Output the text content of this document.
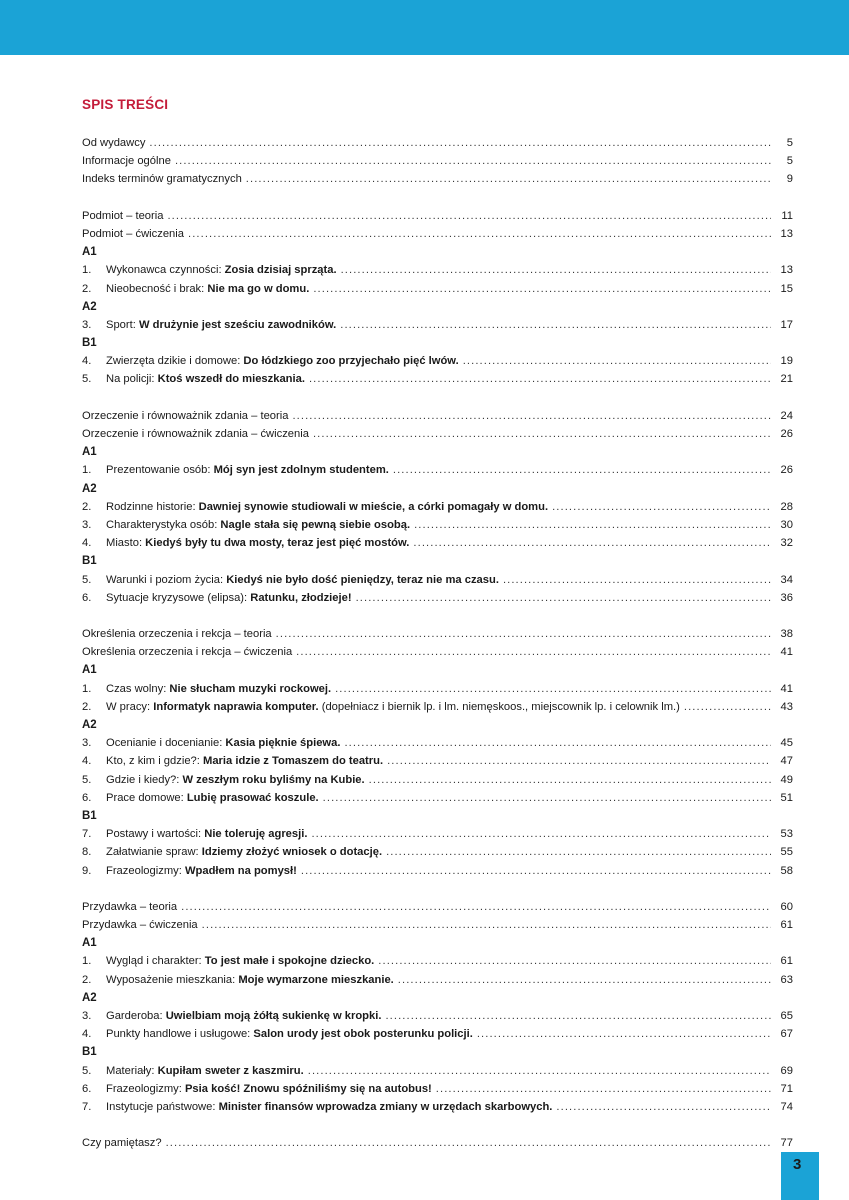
SPIS TREŚCI
Od wydawcy .....	5
Informacje ogólne .....	5
Indeks terminów gramatycznych .....	9
Podmiot – teoria .....	11
Podmiot – ćwiczenia .....	13
A1
1.	Wykonawca czynności: Zosia dzisiaj sprząta. .....	13
2.	Nieobecność i brak: Nie ma go w domu. .....	15
A2
3.	Sport: W drużynie jest sześciu zawodników. .....	17
B1
4.	Zwierzęta dzikie i domowe: Do łódzkiego zoo przyjechało pięć lwów. .....	19
5.	Na policji: Ktoś wszedł do mieszkania. .....	21
Orzeczenie i równoważnik zdania – teoria .....	24
Orzeczenie i równoważnik zdania – ćwiczenia .....	26
A1
1.	Prezentowanie osób: Mój syn jest zdolnym studentem. .....	26
A2
2.	Rodzinne historie: Dawniej synowie studiowali w mieście, a córki pomagały w domu. .....	28
3.	Charakterystyka osób: Nagle stała się pewną siebie osobą. .....	30
4.	Miasto: Kiedyś były tu dwa mosty, teraz jest pięć mostów. .....	32
B1
5.	Warunki i poziom życia: Kiedyś nie było dość pieniędzy, teraz nie ma czasu. .....	34
6.	Sytuacje kryzysowe (elipsa): Ratunku, złodzieje! .....	36
Określenia orzeczenia i rekcja – teoria .....	38
Określenia orzeczenia i rekcja – ćwiczenia .....	41
A1
1.	Czas wolny: Nie słucham muzyki rockowej. .....	41
2.	W pracy: Informatyk naprawia komputer. (dopełniacz i biernik lp. i lm. niemęskoos., miejscownik lp. i celownik lm.) .....	43
A2
3.	Ocenianie i docenianie: Kasia pięknie śpiewa. .....	45
4.	Kto, z kim i gdzie?: Maria idzie z Tomaszem do teatru. .....	47
5.	Gdzie i kiedy?: W zeszłym roku byliśmy na Kubie. .....	49
6.	Prace domowe: Lubię prasować koszule. .....	51
B1
7.	Postawy i wartości: Nie toleruję agresji. .....	53
8.	Załatwianie spraw: Idziemy złożyć wniosek o dotację. .....	55
9.	Frazeologizmy: Wpadłem na pomysł! .....	58
Przydawka – teoria .....	60
Przydawka – ćwiczenia .....	61
A1
1.	Wygląd i charakter: To jest małe i spokojne dziecko. .....	61
2.	Wyposażenie mieszkania: Moje wymarzone mieszkanie. .....	63
A2
3.	Garderoba: Uwielbiam moją żółtą sukienkę w kropki. .....	65
4.	Punkty handlowe i usługowe: Salon urody jest obok posterunku policji. .....	67
B1
5.	Materiały: Kupiłam sweter z kaszmiru. .....	69
6.	Frazeologizmy: Psia kość! Znowu spóźniliśmy się na autobus! .....	71
7.	Instytucje państwowe: Minister finansów wprowadza zmiany w urzędach skarbowych. .....	74
Czy pamiętasz? .....	77
3
